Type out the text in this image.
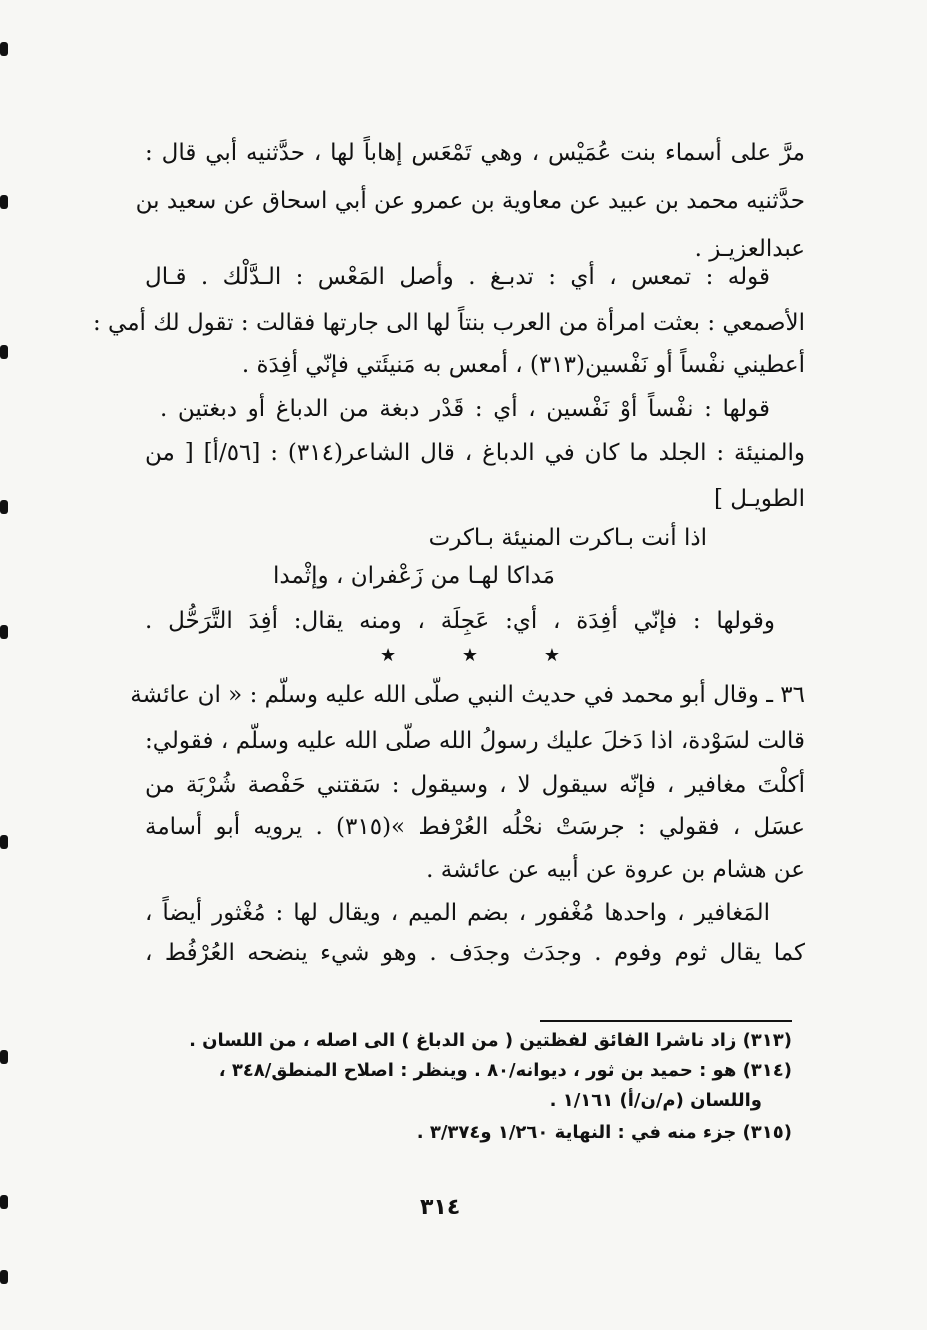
مرَّ على أسماء بنت عُمَيْس ، وهي تَمْعَس إهاباً لها ، حدَّثنيه أبي قال :
حدَّثنيه محمد بن عبيد عن معاوية بن عمرو عن أبي اسحاق عن سعيد بن
عبدالعزيـز .
قوله : تمعس ، أي : تدبـغ . وأصل المَعْس : الـدَّلْك . قـال
الأصمعي : بعثت امرأة من العرب بنتاً لها الى جارتها فقالت : تقول لك أمي :
أعطيني نفْساً أو نَفْسين(٣١٣) ، أمعس به مَنيئَتي فإنّي أفِدَة .
قولها : نفْساً أوْ نَفْسين ، أي : قَدْر دبغة من الدباغ أو دبغتين .
والمنيئة : الجلد ما كان في الدباغ ، قال الشاعر(٣١٤) : [٥٦/أ] [ من
الطويـل ]
اذا أنت بـاكرت المنيئة بـاكرت
مَداكا لهـا من زَعْفران ، وإثْمدا
وقولها : فإنّي أفِدَة ، أي: عَجِلَة ، ومنه يقال: أفِدَ التَّرَحُّل .
★	★	★
٣٦ ـ وقال أبو محمد في حديث النبي صلّى الله عليه وسلّم : « ان عائشة
قالت لسَوْدة، اذا دَخلَ عليك رسولُ الله صلّى الله عليه وسلّم ، فقولي:
أكلْتَ مغافير ، فإنّه سيقول لا ، وسيقول : سَقتني حَفْصة شُرْبَة من
عسَل ، فقولي : جرسَتْ نحْلُه العُرْفط »(٣١٥) . يرويه أبو أسامة
عن هشام بن عروة عن أبيه عن عائشة .
المَغافير ، واحدها مُغْفور ، بضم الميم ، ويقال لها : مُغْثور أيضاً ،
كما يقال ثوم وفوم . وجدَث وجدَف . وهو شيء ينضحه العُرْفُط ،
(٣١٣) زاد ناشرا الفائق لفظتين ( من الدباغ ) الى اصله ، من اللسان .
(٣١٤) هو : حميد بن ثور ، ديوانه/٨٠ . وينظر : اصلاح المنطق/٣٤٨ ،
واللسان (م/ن/أ) ١/١٦١ .
(٣١٥) جزء منه في : النهاية ١/٢٦٠ و٣/٣٧٤ .
٣١٤
